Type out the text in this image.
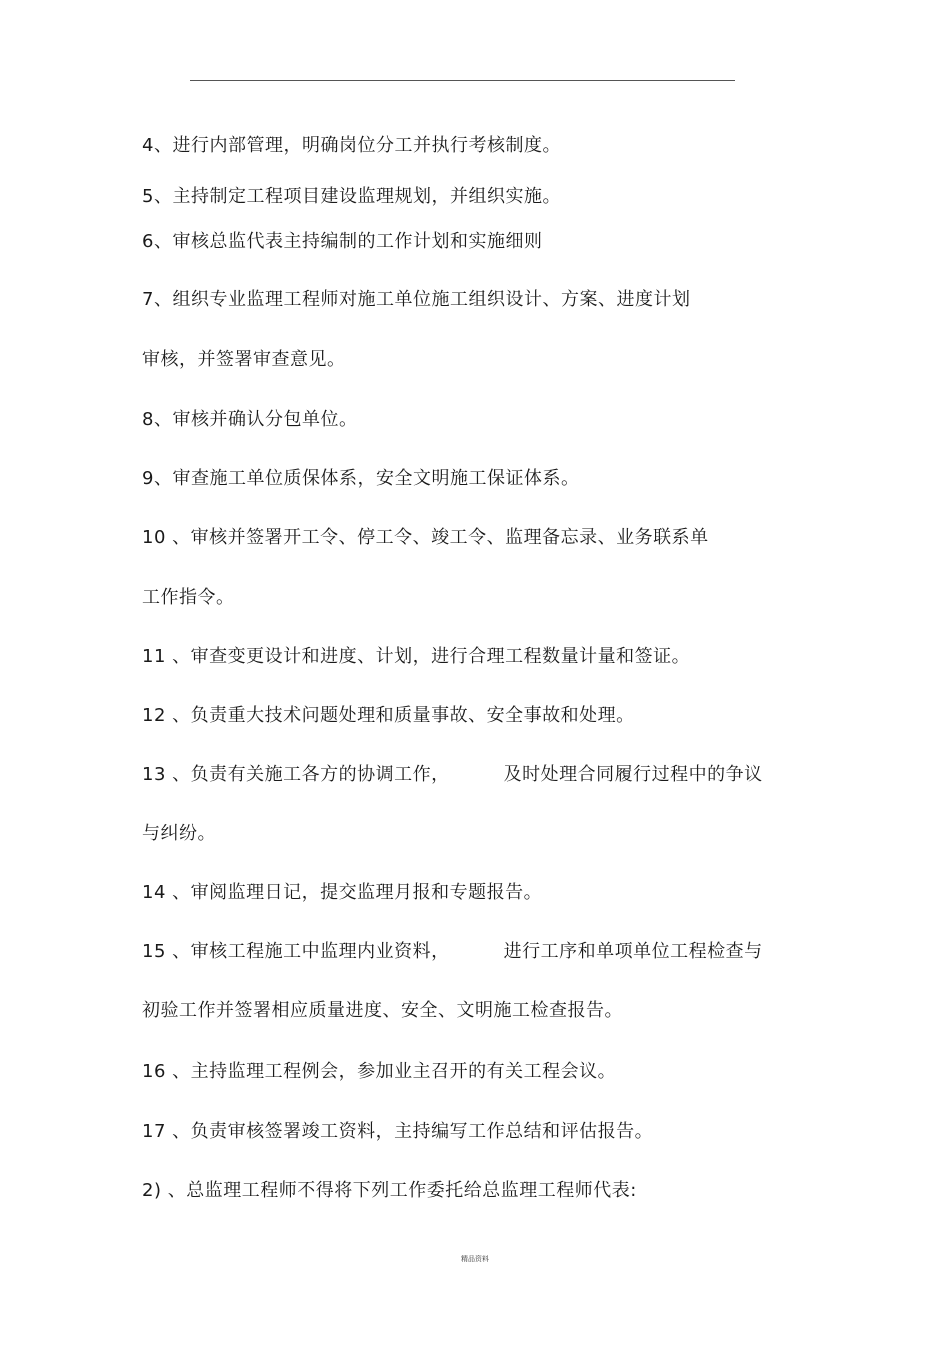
4、进行内部管理，明确岗位分工并执行考核制度。
5、主持制定工程项目建设监理规划，并组织实施。
6、审核总监代表主持编制的工作计划和实施细则
7、组织专业监理工程师对施工单位施工组织设计、方案、进度计划
审核，并签署审查意见。
8、审核并确认分包单位。
9、审查施工单位质保体系，安全文明施工保证体系。
10 、审核并签署开工令、停工令、竣工令、监理备忘录、业务联系单
工作指令。
11 、审查变更设计和进度、计划，进行合理工程数量计量和签证。
12 、负责重大技术问题处理和质量事故、安全事故和处理。
13 、负责有关施工各方的协调工作，	及时处理合同履行过程中的争议
与纠纷。
14 、审阅监理日记，提交监理月报和专题报告。
15 、审核工程施工中监理内业资料，	进行工序和单项单位工程检查与
初验工作并签署相应质量进度、安全、文明施工检查报告。
16 、主持监理工程例会，参加业主召开的有关工程会议。
17 、负责审核签署竣工资料，主持编写工作总结和评估报告。
2) 、总监理工程师不得将下列工作委托给总监理工程师代表:
精品资料
